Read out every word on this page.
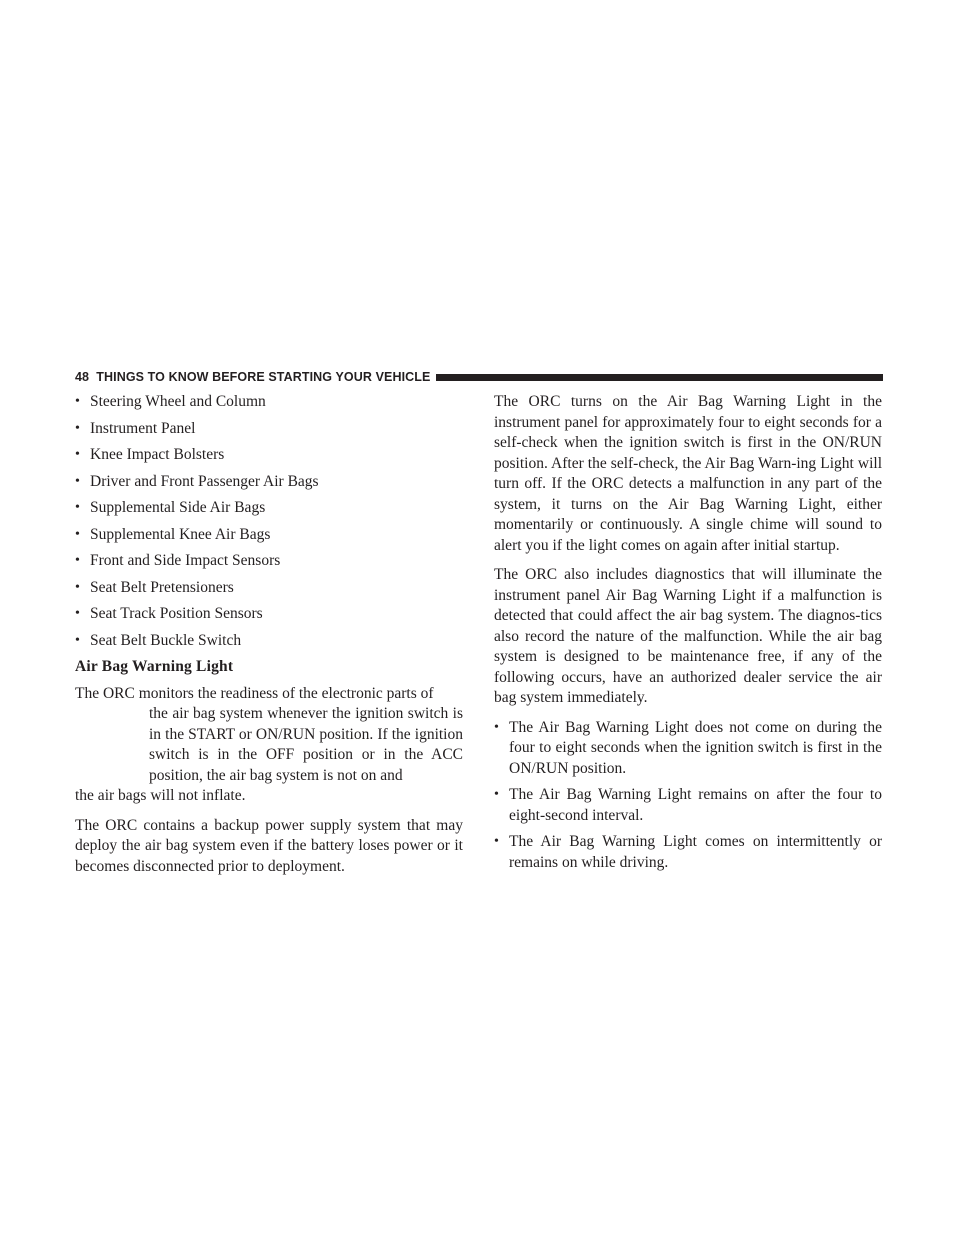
48 THINGS TO KNOW BEFORE STARTING YOUR VEHICLE
• Steering Wheel and Column
• Instrument Panel
• Knee Impact Bolsters
• Driver and Front Passenger Air Bags
• Supplemental Side Air Bags
• Supplemental Knee Air Bags
• Front and Side Impact Sensors
• Seat Belt Pretensioners
• Seat Track Position Sensors
• Seat Belt Buckle Switch
Air Bag Warning Light

The ORC monitors the readiness of the electronic parts of
the air bag system whenever the ignition switch is in the START or ON/RUN position. If the ignition switch is in the OFF position or in the ACC position, the air bag system is not on and
the air bags will not inflate.

The ORC contains a backup power supply system that may deploy the air bag system even if the battery loses power or it becomes disconnected prior to deployment.

The ORC turns on the Air Bag Warning Light in the instrument panel for approximately four to eight seconds for a self-check when the ignition switch is first in the ON/RUN position. After the self-check, the Air Bag Warn-ing Light will turn off. If the ORC detects a malfunction in any part of the system, it turns on the Air Bag Warning Light, either momentarily or continuously. A single chime will sound to alert you if the light comes on again after initial startup.

The ORC also includes diagnostics that will illuminate the instrument panel Air Bag Warning Light if a malfunction is detected that could affect the air bag system. The diagnos-tics also record the nature of the malfunction. While the air bag system is designed to be maintenance free, if any of the following occurs, have an authorized dealer service the air bag system immediately.

• The Air Bag Warning Light does not come on during the four to eight seconds when the ignition switch is first in the ON/RUN position.
• The Air Bag Warning Light remains on after the four to eight-second interval.
• The Air Bag Warning Light comes on intermittently or remains on while driving.
